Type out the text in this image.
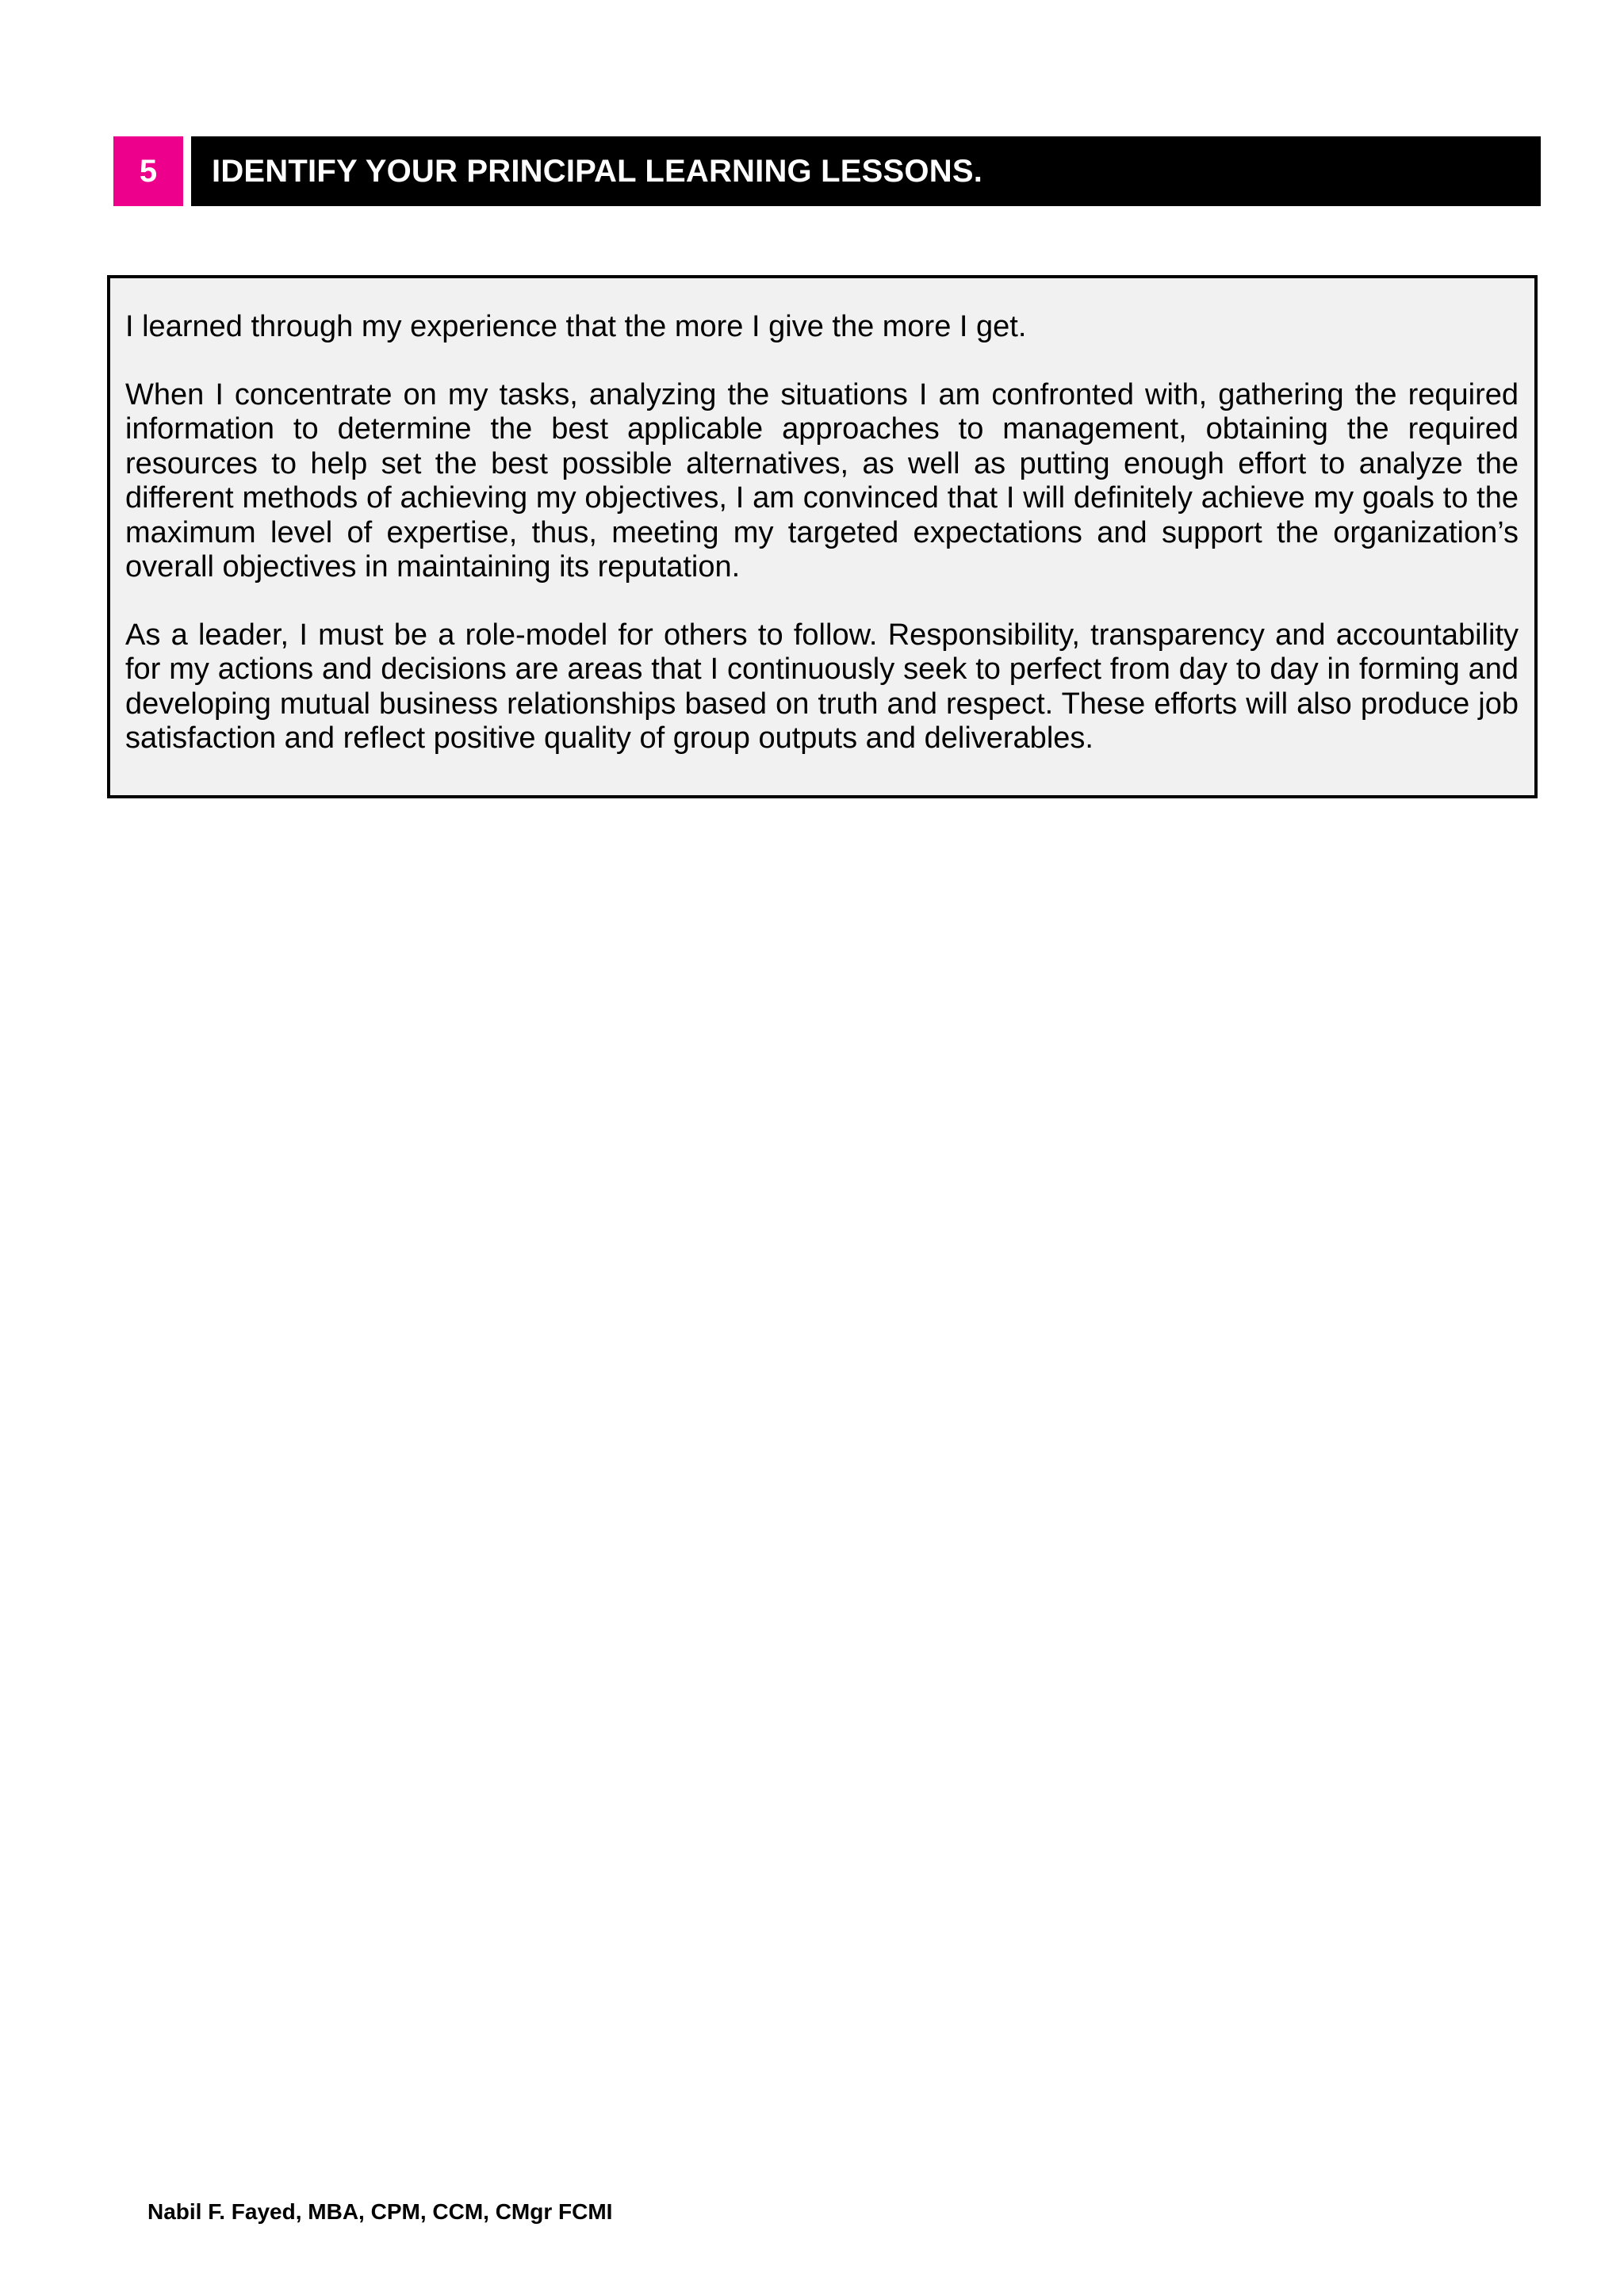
5	IDENTIFY YOUR PRINCIPAL LEARNING LESSONS.

I learned through my experience that the more I give the more I get.

When I concentrate on my tasks, analyzing the situations I am confronted with, gathering the required information to determine the best applicable approaches to management, obtaining the required resources to help set the best possible alternatives, as well as putting enough effort to analyze the different methods of achieving my objectives, I am convinced that I will definitely achieve my goals to the maximum level of expertise, thus, meeting my targeted expectations and support the organization’s overall objectives in maintaining its reputation.

As a leader, I must be a role-model for others to follow. Responsibility, transparency and accountability for my actions and decisions are areas that I continuously seek to perfect from day to day in forming and developing mutual business relationships based on truth and respect. These efforts will also produce job satisfaction and reflect positive quality of group outputs and deliverables.

Nabil F. Fayed, MBA, CPM, CCM, CMgr FCMI
